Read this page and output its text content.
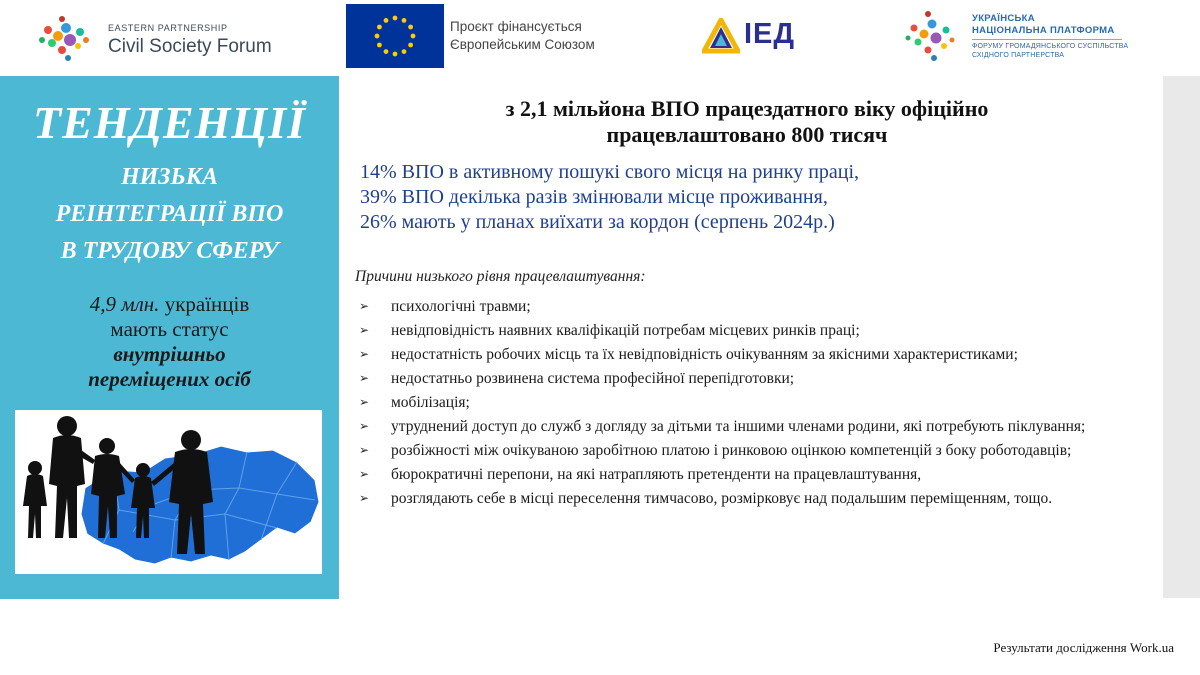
EASTERN PARTNERSHIP
Civil Society Forum
Проєкт фінансується
Європейським Союзом	ІЕД	УКРАЇНСЬКА
НАЦІОНАЛЬНА ПЛАТФОРМА
ФОРУМУ ГРОМАДЯНСЬКОГО СУСПІЛЬСТВА
СХІДНОГО ПАРТНЕРСТВА
ТЕНДЕНЦІЇ
НИЗЬКА
РЕІНТЕГРАЦІЇ ВПО
В ТРУДОВУ СФЕРУ
4,9 млн. українців
мають статус
внутрішньо
переміщених осіб
з 2,1 мільйона ВПО працездатного віку офіційно
працевлаштовано 800 тисяч
14% ВПО в активному пошукі свого місця на ринку праці,
39% ВПО декілька разів змінювали місце проживання,
26% мають у планах виїхати за кордон (серпень 2024р.)
Причини низького рівня працевлаштування:
➢ психологічні травми;
➢ невідповідність наявних кваліфікацій потребам місцевих ринків праці;
➢ недостатність робочих місць та їх невідповідність очікуванням за якісними характеристиками;
➢ недостатньо розвинена система професійної перепідготовки;
➢ мобілізація;
➢ утруднений доступ до служб з догляду за дітьми та іншими членами родини, які потребують піклування;
➢ розбіжності між очікуваною заробітною платою і ринковою оцінкою компетенцій з боку роботодавців;
➢ бюрократичні перепони, на які натрапляють претенденти на працевлаштування,
➢ розглядають себе в місці переселення тимчасово, розмірковує над подальшим переміщенням, тощо.
Результати дослідження Work.ua
